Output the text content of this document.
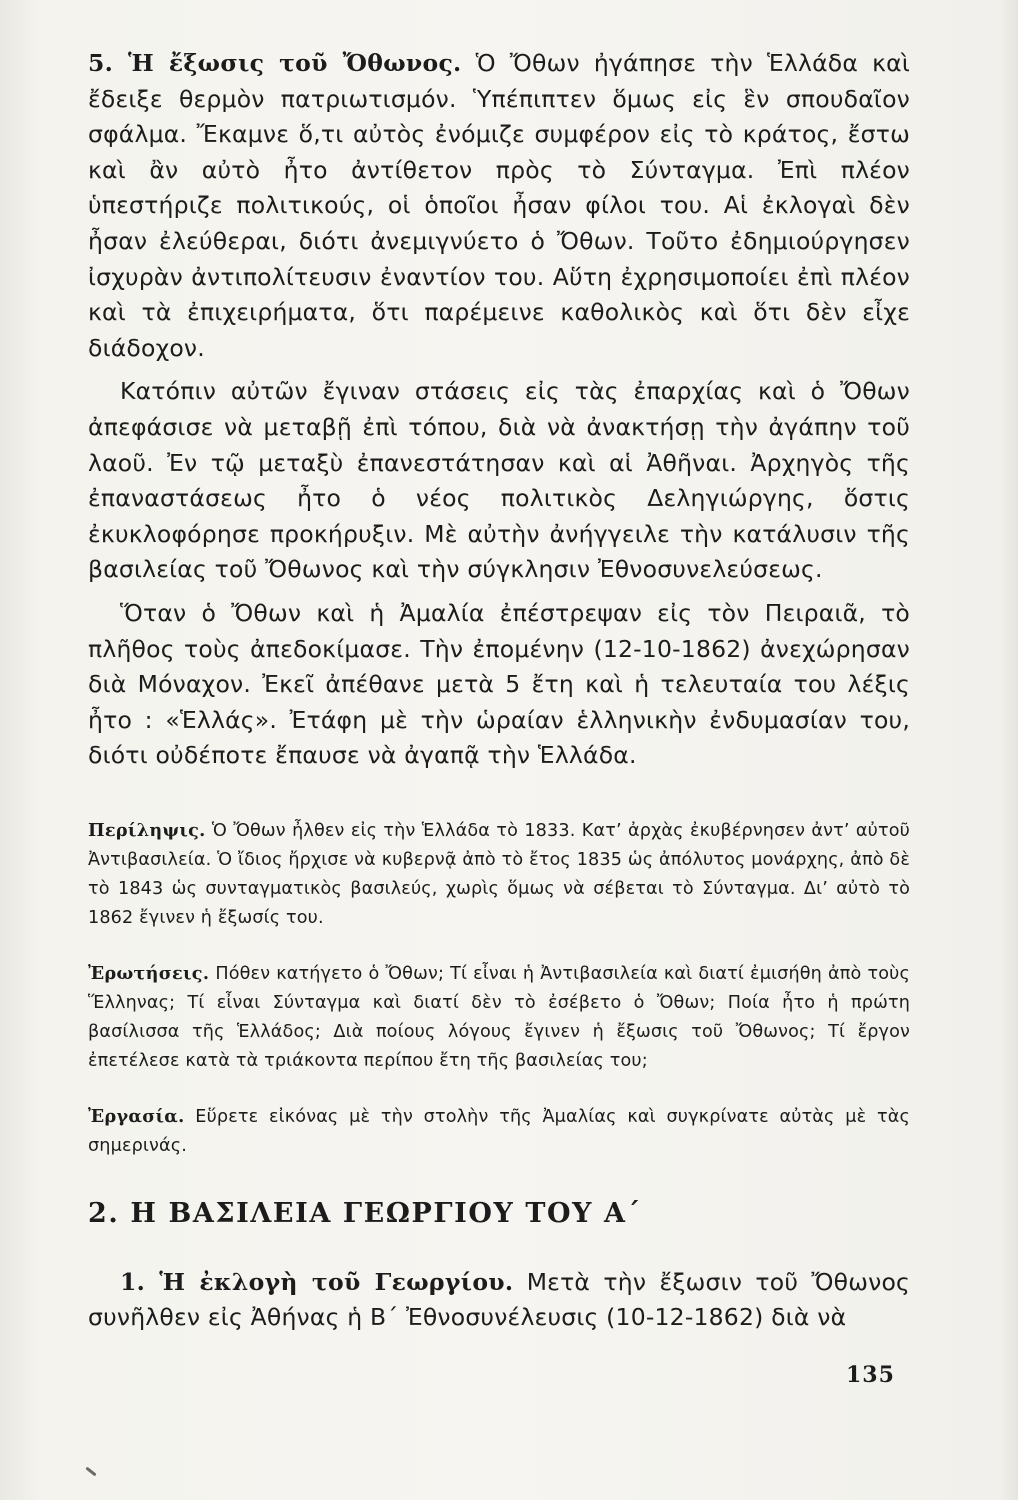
5. Ἡ ἔξωσις τοῦ Ὄθωνος. Ὁ Ὄθων ἠγάπησε τὴν Ἑλλάδα καὶ ἔδειξε θερμὸν πατριωτισμόν. Ὑπέπιπτεν ὅμως εἰς ἓν σπουδαῖον σφάλμα. Ἔκαμνε ὅ,τι αὐτὸς ἐνόμιζε συμφέρον εἰς τὸ κράτος, ἔστω καὶ ἂν αὐτὸ ἦτο ἀντίθετον πρὸς τὸ Σύνταγμα. Ἐπὶ πλέον ὑπεστήριζε πολιτικούς, οἱ ὁποῖοι ἦσαν φίλοι του. Αἱ ἐκλογαὶ δὲν ἦσαν ἐλεύθεραι, διότι ἀνεμιγνύετο ὁ Ὄθων. Τοῦτο ἐδημιούργησεν ἰσχυρὰν ἀντιπολίτευσιν ἐναντίον του. Αὕτη ἐχρησιμοποίει ἐπὶ πλέον καὶ τὰ ἐπιχειρήματα, ὅτι παρέμεινε καθολικὸς καὶ ὅτι δὲν εἶχε διάδοχον.

Κατόπιν αὐτῶν ἔγιναν στάσεις εἰς τὰς ἐπαρχίας καὶ ὁ Ὄθων ἀπεφάσισε νὰ μεταβῇ ἐπὶ τόπου, διὰ νὰ ἀνακτήσῃ τὴν ἀγάπην τοῦ λαοῦ. Ἐν τῷ μεταξὺ ἐπανεστάτησαν καὶ αἱ Ἀθῆναι. Ἀρχηγὸς τῆς ἐπαναστάσεως ἦτο ὁ νέος πολιτικὸς Δεληγιώργης, ὅστις ἐκυκλοφόρησε προκήρυξιν. Μὲ αὐτὴν ἀνήγγειλε τὴν κατάλυσιν τῆς βασιλείας τοῦ Ὄθωνος καὶ τὴν σύγκλησιν Ἐθνοσυνελεύσεως.

Ὅταν ὁ Ὄθων καὶ ἡ Ἀμαλία ἐπέστρεψαν εἰς τὸν Πειραιᾶ, τὸ πλῆθος τοὺς ἀπεδοκίμασε. Τὴν ἐπομένην (12-10-1862) ἀνεχώρησαν διὰ Μόναχον. Ἐκεῖ ἀπέθανε μετὰ 5 ἔτη καὶ ἡ τελευταία του λέξις ἦτο : «Ἑλλάς». Ἐτάφη μὲ τὴν ὡραίαν ἑλληνικὴν ἐνδυμασίαν του, διότι οὐδέποτε ἔπαυσε νὰ ἀγαπᾷ τὴν Ἑλλάδα.

Περίληψις. Ὁ Ὄθων ἦλθεν εἰς τὴν Ἑλλάδα τὸ 1833. Κατ’ ἀρχὰς ἐκυβέρνησεν ἀντ’ αὐτοῦ Ἀντιβασιλεία. Ὁ ἴδιος ἤρχισε νὰ κυβερνᾷ ἀπὸ τὸ ἔτος 1835 ὡς ἀπόλυτος μονάρχης, ἀπὸ δὲ τὸ 1843 ὡς συνταγματικὸς βασιλεύς, χωρὶς ὅμως νὰ σέβεται τὸ Σύνταγμα. Δι’ αὐτὸ τὸ 1862 ἔγινεν ἡ ἔξωσίς του.

Ἐρωτήσεις. Πόθεν κατήγετο ὁ Ὄθων; Τί εἶναι ἡ Ἀντιβασιλεία καὶ διατί ἐμισήθη ἀπὸ τοὺς Ἕλληνας; Τί εἶναι Σύνταγμα καὶ διατί δὲν τὸ ἐσέβετο ὁ Ὄθων; Ποία ἦτο ἡ πρώτη βασίλισσα τῆς Ἑλλάδος; Διὰ ποίους λόγους ἔγινεν ἡ ἔξωσις τοῦ Ὄθωνος; Τί ἔργον ἐπετέλεσε κατὰ τὰ τριάκοντα περίπου ἔτη τῆς βασιλείας του;

Ἐργασία. Εὕρετε εἰκόνας μὲ τὴν στολὴν τῆς Ἀμαλίας καὶ συγκρίνατε αὐτὰς μὲ τὰς σημερινάς.

2. Η ΒΑΣΙΛΕΙΑ ΓΕΩΡΓΙΟΥ ΤΟΥ Α΄

1. Ἡ ἐκλογὴ τοῦ Γεωργίου. Μετὰ τὴν ἔξωσιν τοῦ Ὄθωνος συνῆλθεν εἰς Ἀθήνας ἡ Β΄ Ἐθνοσυνέλευσις (10-12-1862) διὰ νὰ

135
